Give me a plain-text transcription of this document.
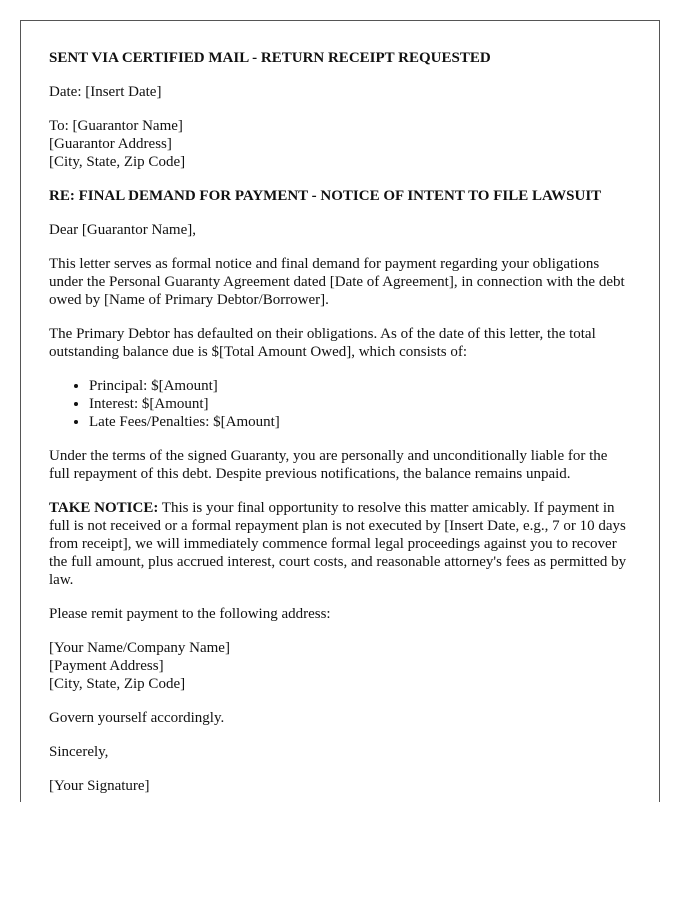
SENT VIA CERTIFIED MAIL - RETURN RECEIPT REQUESTED
Date: [Insert Date]
To: [Guarantor Name]
[Guarantor Address]
[City, State, Zip Code]
RE: FINAL DEMAND FOR PAYMENT - NOTICE OF INTENT TO FILE LAWSUIT
Dear [Guarantor Name],
This letter serves as formal notice and final demand for payment regarding your obligations under the Personal Guaranty Agreement dated [Date of Agreement], in connection with the debt owed by [Name of Primary Debtor/Borrower].
The Primary Debtor has defaulted on their obligations. As of the date of this letter, the total outstanding balance due is $[Total Amount Owed], which consists of:
• Principal: $[Amount]
• Interest: $[Amount]
• Late Fees/Penalties: $[Amount]
Under the terms of the signed Guaranty, you are personally and unconditionally liable for the full repayment of this debt. Despite previous notifications, the balance remains unpaid.
TAKE NOTICE: This is your final opportunity to resolve this matter amicably. If payment in full is not received or a formal repayment plan is not executed by [Insert Date, e.g., 7 or 10 days from receipt], we will immediately commence formal legal proceedings against you to recover the full amount, plus accrued interest, court costs, and reasonable attorney's fees as permitted by law.
Please remit payment to the following address:
[Your Name/Company Name]
[Payment Address]
[City, State, Zip Code]
Govern yourself accordingly.
Sincerely,
[Your Signature]
